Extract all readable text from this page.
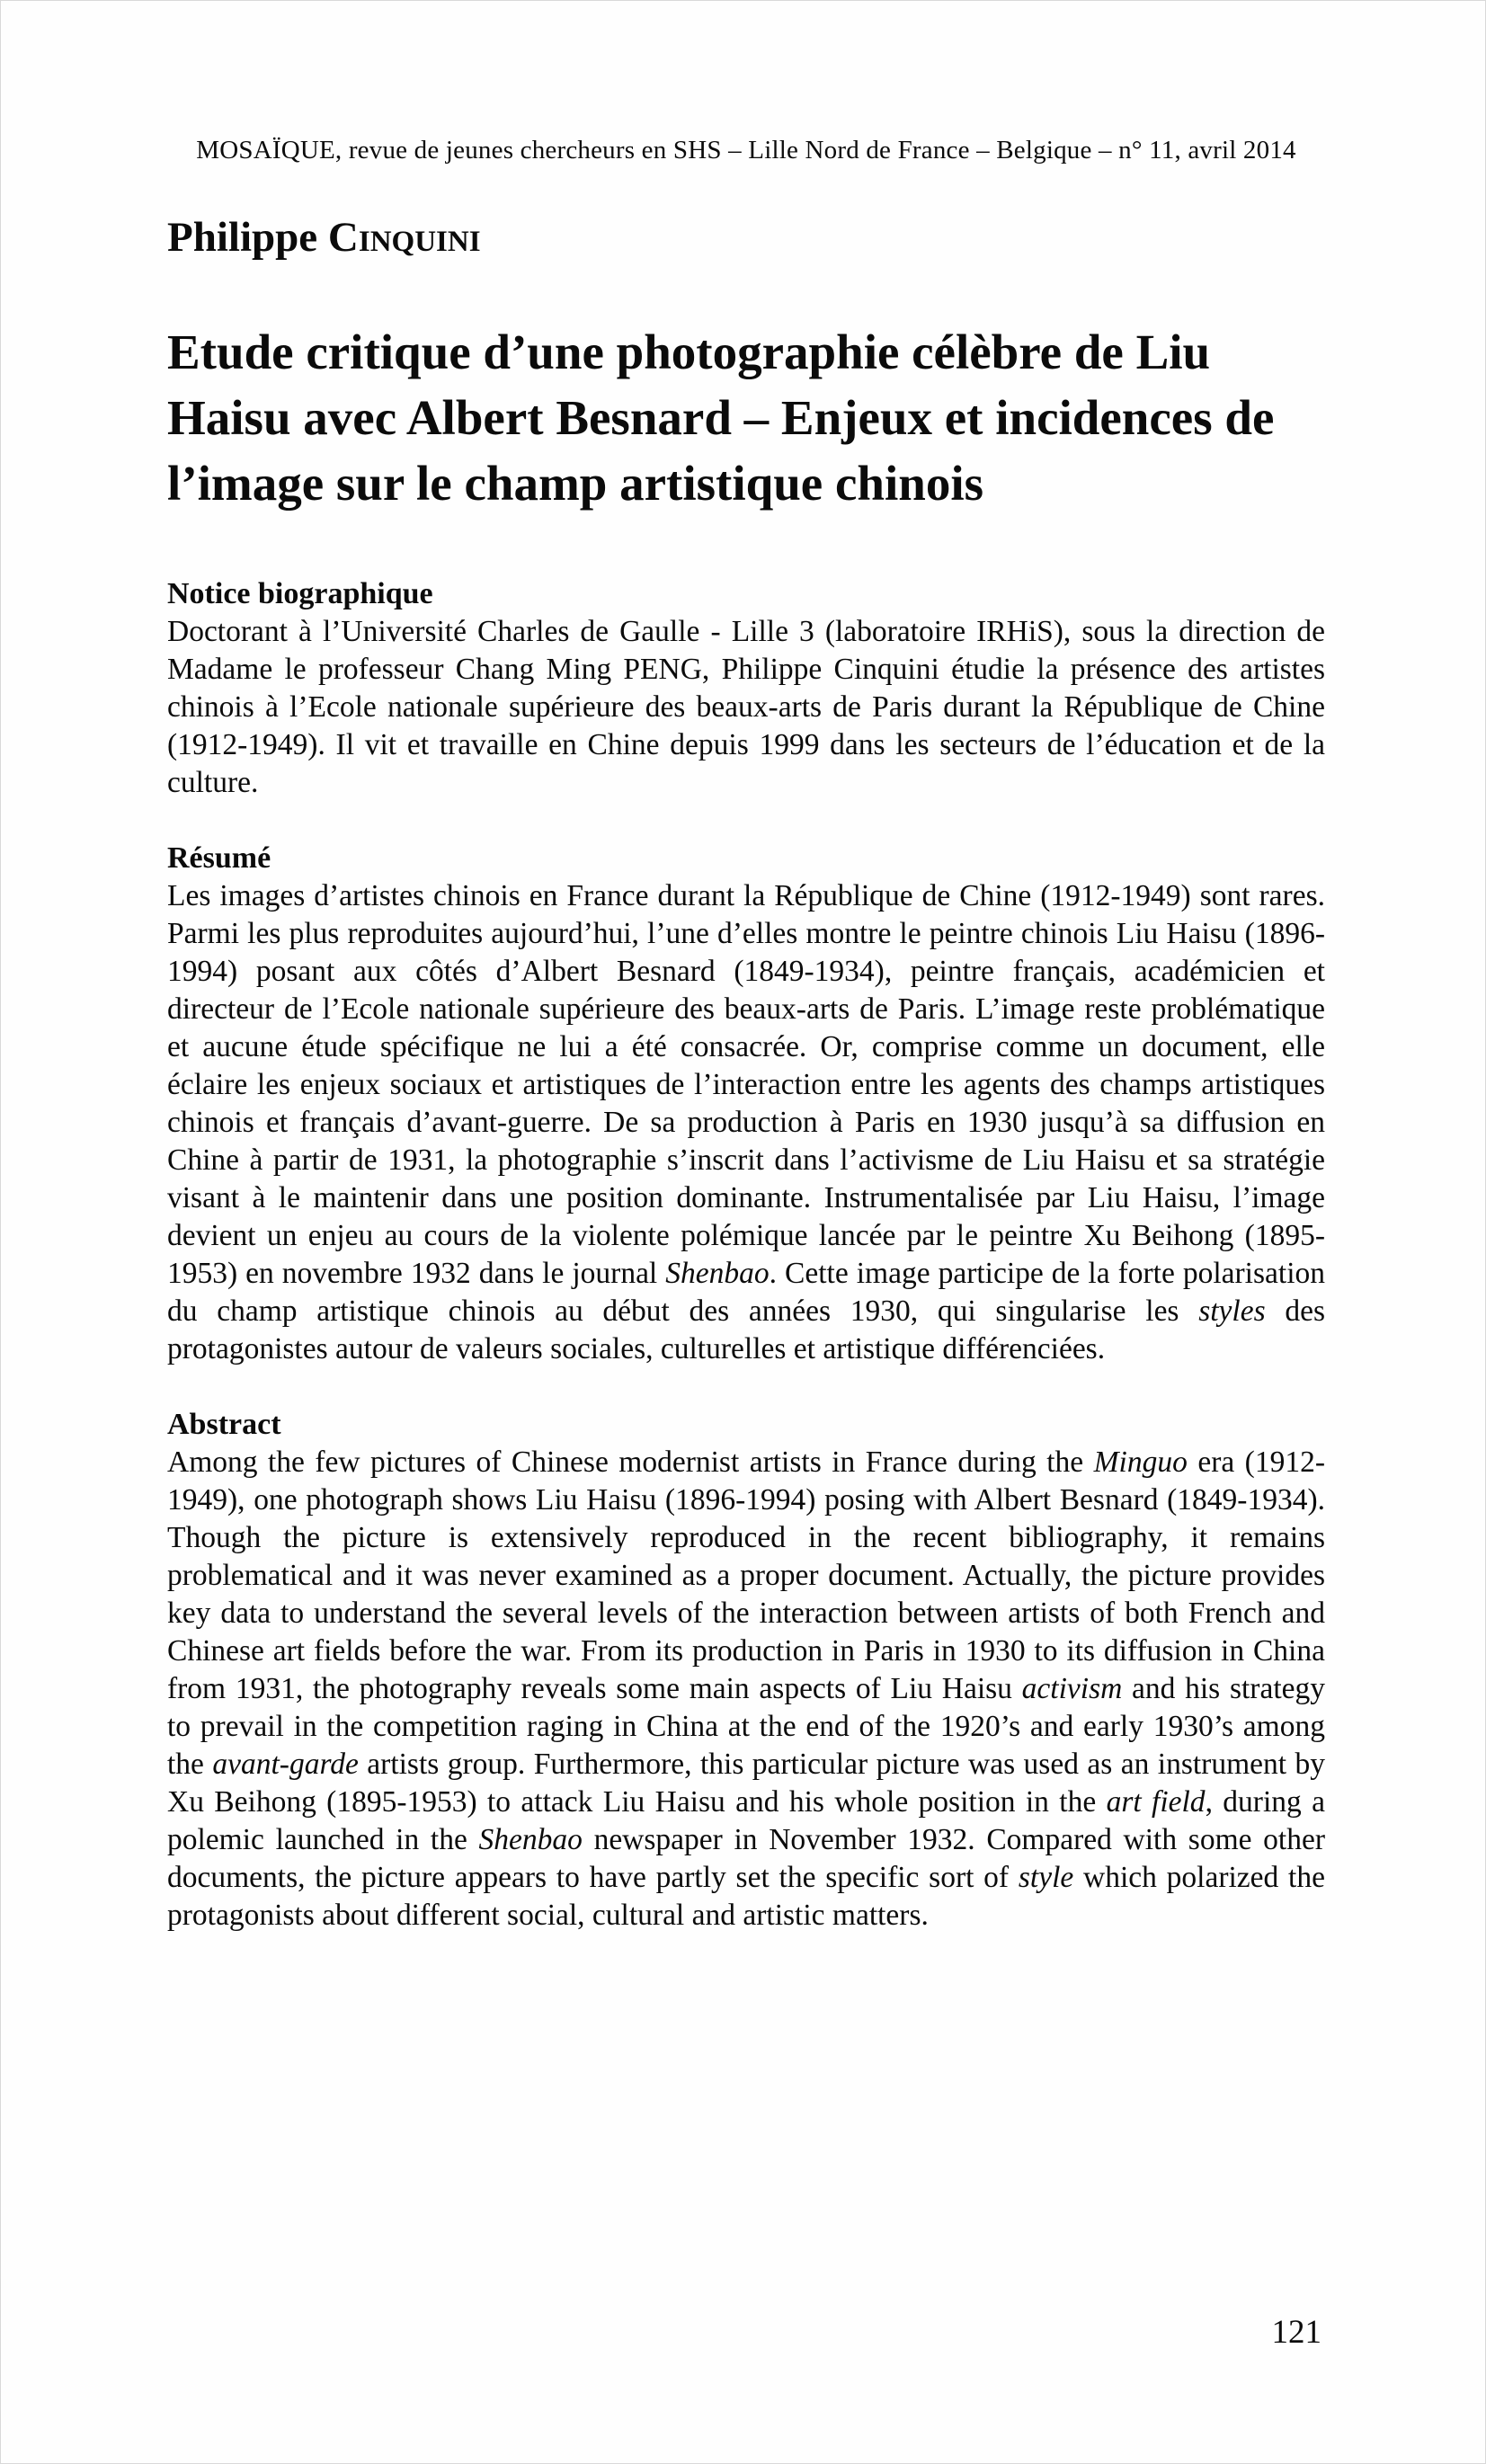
MOSAÏQUE, revue de jeunes chercheurs en SHS – Lille Nord de France – Belgique – n° 11, avril 2014
Philippe Cinquini
Etude critique d’une photographie célèbre de Liu Haisu avec Albert Besnard – Enjeux et incidences de l’image sur le champ artistique chinois
Notice biographique

Doctorant à l’Université Charles de Gaulle - Lille 3 (laboratoire IRHiS), sous la direction de Madame le professeur Chang Ming PENG, Philippe Cinquini étudie la présence des artistes chinois à l’Ecole nationale supérieure des beaux-arts de Paris durant la République de Chine (1912-1949). Il vit et travaille en Chine depuis 1999 dans les secteurs de l’éducation et de la culture.

Résumé

Les images d’artistes chinois en France durant la République de Chine (1912-1949) sont rares. Parmi les plus reproduites aujourd’hui, l’une d’elles montre le peintre chinois Liu Haisu (1896-1994) posant aux côtés d’Albert Besnard (1849-1934), peintre français, académicien et directeur de l’Ecole nationale supérieure des beaux-arts de Paris. L’image reste problématique et aucune étude spécifique ne lui a été consacrée. Or, comprise comme un document, elle éclaire les enjeux sociaux et artistiques de l’interaction entre les agents des champs artistiques chinois et français d’avant-guerre. De sa production à Paris en 1930 jusqu’à sa diffusion en Chine à partir de 1931, la photographie s’inscrit dans l’activisme de Liu Haisu et sa stratégie visant à le maintenir dans une position dominante. Instrumentalisée par Liu Haisu, l’image devient un enjeu au cours de la violente polémique lancée par le peintre Xu Beihong (1895-1953) en novembre 1932 dans le journal Shenbao. Cette image participe de la forte polarisation du champ artistique chinois au début des années 1930, qui singularise les styles des protagonistes autour de valeurs sociales, culturelles et artistique différenciées.

Abstract

Among the few pictures of Chinese modernist artists in France during the Minguo era (1912-1949), one photograph shows Liu Haisu (1896-1994) posing with Albert Besnard (1849-1934). Though the picture is extensively reproduced in the recent bibliography, it remains problematical and it was never examined as a proper document. Actually, the picture provides key data to understand the several levels of the interaction between artists of both French and Chinese art fields before the war. From its production in Paris in 1930 to its diffusion in China from 1931, the photography reveals some main aspects of Liu Haisu activism and his strategy to prevail in the competition raging in China at the end of the 1920’s and early 1930’s among the avant-garde artists group. Furthermore, this particular picture was used as an instrument by Xu Beihong (1895-1953) to attack Liu Haisu and his whole position in the art field, during a polemic launched in the Shenbao newspaper in November 1932. Compared with some other documents, the picture appears to have partly set the specific sort of style which polarized the protagonists about different social, cultural and artistic matters.

121
